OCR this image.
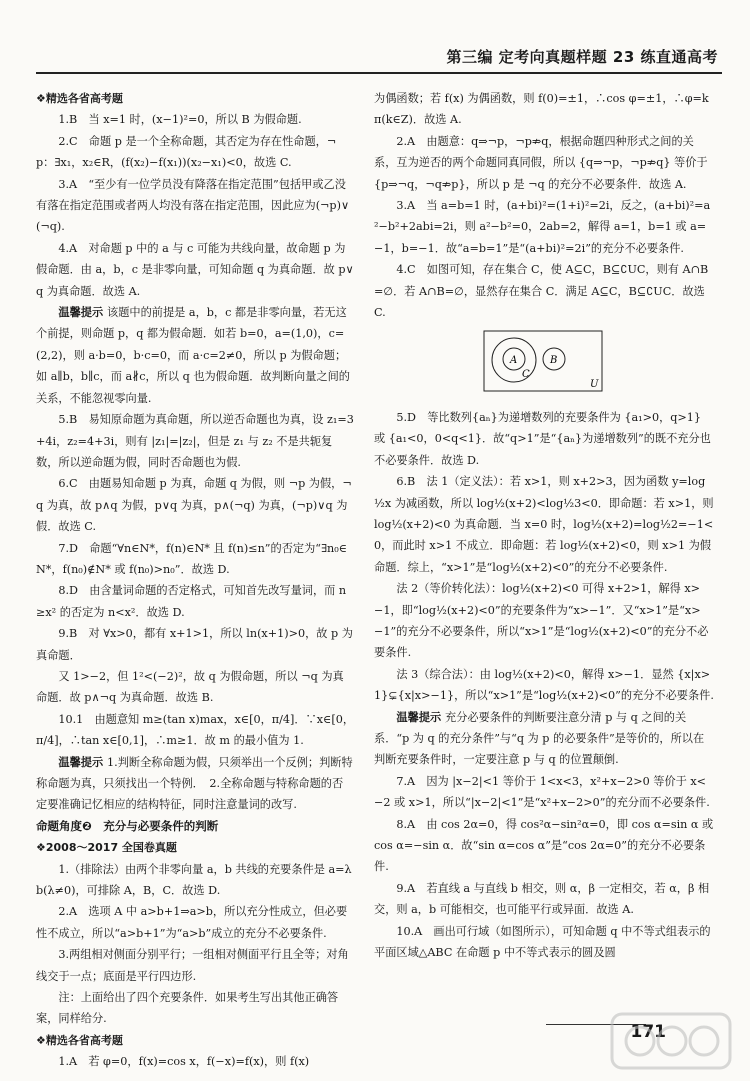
第三编 定考向真题样题 23 练直通高考

❖精选各省高考题

　　1.B　当 x=1 时，(x−1)²=0，所以 B 为假命题.

　　2.C　命题 p 是一个全称命题，其否定为存在性命题，¬p：∃x₁，x₂∈R，(f(x₂)−f(x₁))(x₂−x₁)<0，故选 C.

　　3.A　“至少有一位学员没有降落在指定范围”包括甲或乙没有落在指定范围或者两人均没有落在指定范围，因此应为(¬p)∨(¬q).

　　4.A　对命题 p 中的 a 与 c 可能为共线向量，故命题 p 为假命题．由 a，b，c 是非零向量，可知命题 q 为真命题．故 p∨q 为真命题．故选 A.

　　温馨提示 该题中的前提是 a，b，c 都是非零向量，若无这个前提，则命题 p，q 都为假命题．如若 b=0，a=(1,0)，c=(2,2)，则 a·b=0，b·c=0，而 a·c=2≠0，所以 p 为假命题；如 a∥b，b∥c，而 a∦c，所以 q 也为假命题．故判断向量之间的关系，不能忽视零向量.

　　5.B　易知原命题为真命题，所以逆否命题也为真，设 z₁=3+4i，z₂=4+3i，则有 |z₁|=|z₂|，但是 z₁ 与 z₂ 不是共轭复数，所以逆命题为假，同时否命题也为假.

　　6.C　由题易知命题 p 为真，命题 q 为假，则 ¬p 为假，¬q 为真，故 p∧q 为假，p∨q 为真，p∧(¬q) 为真，(¬p)∨q 为假．故选 C.

　　7.D　命题“∀n∈N*，f(n)∈N* 且 f(n)≤n”的否定为“∃n₀∈N*，f(n₀)∉N* 或 f(n₀)>n₀”．故选 D.

　　8.D　由含量词命题的否定格式，可知首先改写量词，而 n≥x² 的否定为 n<x²．故选 D.

　　9.B　对 ∀x>0，都有 x+1>1，所以 ln(x+1)>0，故 p 为真命题．

　　又 1>−2，但 1²<(−2)²，故 q 为假命题，所以 ¬q 为真命题．故 p∧¬q 为真命题．故选 B.

　　10.1　由题意知 m≥(tan x)max，x∈[0，π/4]．∵x∈[0，π/4]，∴tan x∈[0,1]，∴m≥1．故 m 的最小值为 1.

　　温馨提示 1.判断全称命题为假，只须举出一个反例；判断特称命题为真，只须找出一个特例．　2.全称命题与特称命题的否定要准确记忆相应的结构特征，同时注意量词的改写.

命题角度❷　充分与必要条件的判断

❖2008～2017 全国卷真题

　　1.（排除法）由两个非零向量 a，b 共线的充要条件是 a=λb(λ≠0)，可排除 A，B，C．故选 D.

　　2.A　选项 A 中 a>b+1⇒a>b，所以充分性成立，但必要性不成立，所以“a>b+1”为“a>b”成立的充分不必要条件.

　　3.两组相对侧面分别平行；一组相对侧面平行且全等；对角线交于一点；底面是平行四边形.

　　注：上面给出了四个充要条件．如果考生写出其他正确答案，同样给分.

❖精选各省高考题

　　1.A　若 φ=0，f(x)=cos x，f(−x)=f(x)，则 f(x)

为偶函数；若 f(x) 为偶函数，则 f(0)=±1，∴cos φ=±1，∴φ=kπ(k∈Z)．故选 A.

　　2.A　由题意：q⇒¬p，¬p⇏q，根据命题四种形式之间的关系，互为逆否的两个命题同真同假，所以 {q⇒¬p，¬p⇏q} 等价于 {p⇒¬q，¬q⇏p}，所以 p 是 ¬q 的充分不必要条件．故选 A.

　　3.A　当 a=b=1 时，(a+bi)²=(1+i)²=2i，反之，(a+bi)²=a²−b²+2abi=2i，则 a²−b²=0，2ab=2，解得 a=1，b=1 或 a=−1，b=−1．故“a=b=1”是“(a+bi)²=2i”的充分不必要条件.

　　4.C　如图可知，存在集合 C，使 A⊆C，B⊆∁UC，则有 A∩B=∅．若 A∩B=∅，显然存在集合 C．满足 A⊆C，B⊆∁UC．故选 C.

A	B
C
U

　　5.D　等比数列{aₙ}为递增数列的充要条件为 {a₁>0，q>1} 或 {a₁<0，0<q<1}．故“q>1”是“{aₙ}为递增数列”的既不充分也不必要条件．故选 D.

　　6.B　法 1（定义法）：若 x>1，则 x+2>3，因为函数 y=log½x 为减函数，所以 log½(x+2)<log½3<0．即命题：若 x>1，则 log½(x+2)<0 为真命题．当 x=0 时，log½(x+2)=log½2=−1<0，而此时 x>1 不成立．即命题：若 log½(x+2)<0，则 x>1 为假命题．综上，“x>1”是“log½(x+2)<0”的充分不必要条件.

　　法 2（等价转化法）：log½(x+2)<0 可得 x+2>1，解得 x>−1，即“log½(x+2)<0”的充要条件为“x>−1”．又“x>1”是“x>−1”的充分不必要条件，所以“x>1”是“log½(x+2)<0”的充分不必要条件.

　　法 3（综合法）：由 log½(x+2)<0，解得 x>−1．显然 {x|x>1}⊊{x|x>−1}，所以“x>1”是“log½(x+2)<0”的充分不必要条件.

　　温馨提示 充分必要条件的判断要注意分清 p 与 q 之间的关系．“p 为 q 的充分条件”与“q 为 p 的必要条件”是等价的，所以在判断充要条件时，一定要注意 p 与 q 的位置颠倒.

　　7.A　因为 |x−2|<1 等价于 1<x<3，x²+x−2>0 等价于 x<−2 或 x>1，所以“|x−2|<1”是“x²+x−2>0”的充分而不必要条件.

　　8.A　由 cos 2α=0，得 cos²α−sin²α=0，即 cos α=sin α 或 cos α=−sin α．故“sin α=cos α”是“cos 2α=0”的充分不必要条件.

　　9.A　若直线 a 与直线 b 相交，则 α，β 一定相交，若 α，β 相交，则 a，b 可能相交，也可能平行或异面．故选 A.

　　10.A　画出可行域（如图所示），可知命题 q 中不等式组表示的平面区域△ABC 在命题 p 中不等式表示的圆及圆

171
